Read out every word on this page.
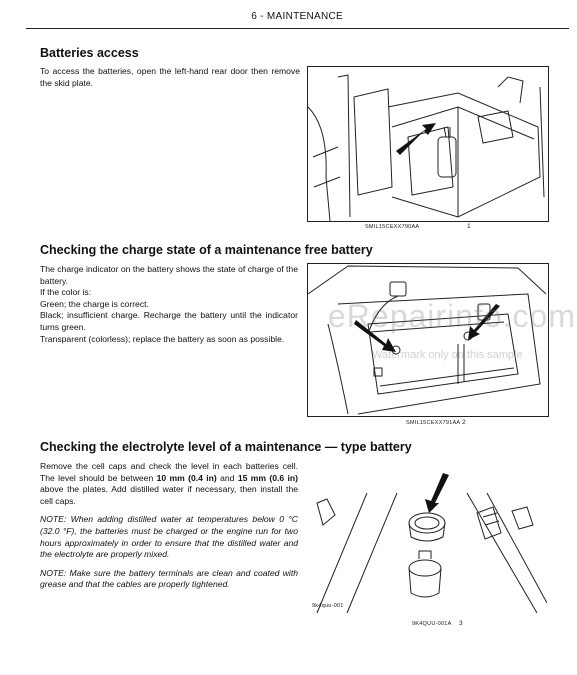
6 - MAINTENANCE
Batteries access

To access the batteries, open the left-hand rear door then remove the skid plate.

SMIL15CEXX790AA	1
Checking the charge state of a maintenance free battery

The charge indicator on the battery shows the state of charge of the battery.

If the color is:

Green; the charge is correct.

Black; insufficient charge. Recharge the battery until the indicator turns green.

Transparent (colorless); replace the battery as soon as possible.

SMIL15CEXX791AA 2
eRepairinfo.com
Watermark only on this sample
Checking the electrolyte level of a maintenance — type battery

Remove the cell caps and check the level in each batteries cell. The level should be between 10 mm (0.4 in) and 15 mm (0.6 in) above the plates. Add distilled water if necessary, then install the cell caps.

NOTE: When adding distilled water at temperatures below 0 °C (32.0 °F), the batteries must be charged or the engine run for two hours approximately in order to ensure that the distilled water and the electrolyte are properly mixed.

NOTE: Make sure the battery terminals are clean and coated with grease and that the cables are properly tightened.

9k4quu-001
9K4QUU-001A 3
